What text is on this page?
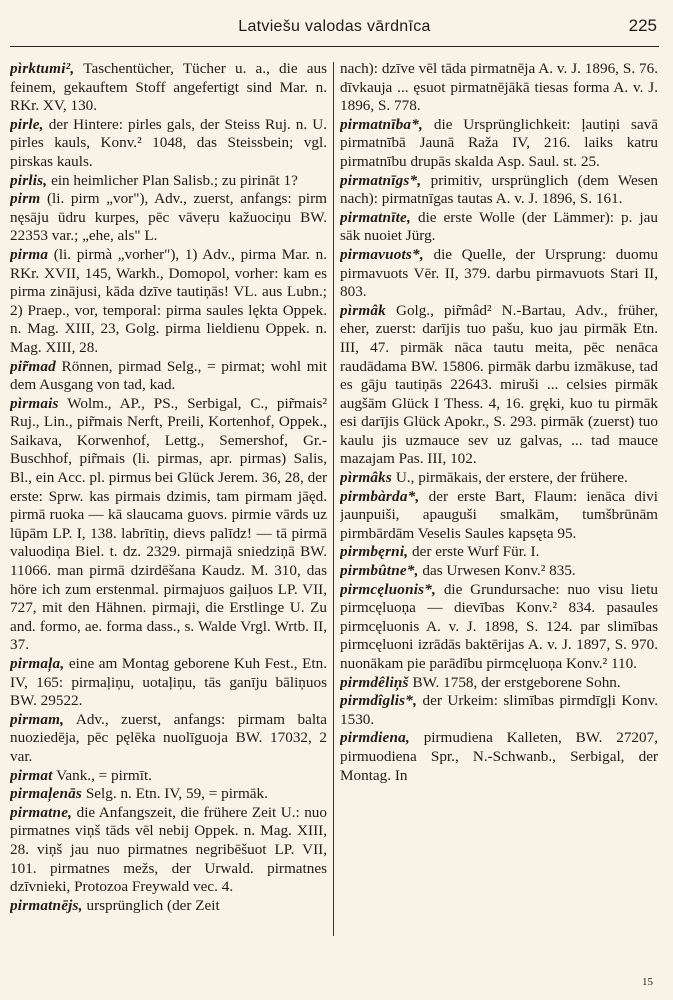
Latviešu valodas vārdnīca	225

pìrktumi², Taschentücher, Tücher u. a., die aus feinem, gekauftem Stoff angefertigt sind Mar. n. RKr. XV, 130.

pirle, der Hintere: pirles gals, der Steiss Ruj. n. U. pirles kauls, Konv.² 1048, das Steissbein; vgl. pirskas kauls.

pirlis, ein heimlicher Plan Salisb.; zu pirināt 1?

pirm (li. pirm „vor"), Adv., zuerst, anfangs: pirm nęsāju ūdru kurpes, pēc vāveŗu kažuociņu BW. 22353 var.; „ehe, als" L.

pirma (li. pirmà „vorher"), 1) Adv., pirma Mar. n. RKr. XVII, 145, Warkh., Domopol, vorher: kam es pirma zinājusi, kāda dzīve tautiņās! VL. aus Lubn.; 2) Praep., vor, temporal: pirma saules lękta Oppek. n. Mag. XIII, 23, Golg. pirma lieldienu Oppek. n. Mag. XIII, 28.

pir̃mad Rönnen, pirmad Selg., = pirmat; wohl mit dem Ausgang von tad, kad.

pìrmais Wolm., AP., PS., Serbigal, C., pir̃mais² Ruj., Lin., pir̃mais Nerft, Preili, Kortenhof, Oppek., Saikava, Korwenhof, Lettg., Semershof, Gr.-Buschhof, pir̃mais (li. pirmas, apr. pirmas) Salis, Bl., ein Acc. pl. pirmus bei Glück Jerem. 36, 28, der erste: Sprw. kas pirmais dzimis, tam pirmam jāęd. pirmā ruoka — kā slaucama guovs. pirmie vārds uz lūpām LP. I, 138. labrītiņ, dievs palīdz! — tā pirmā valuodiņa Biel. t. dz. 2329. pirmajā sniedziņā BW. 11066. man pirmā dzirdēšana Kaudz. M. 310, das höre ich zum erstenmal. pirmajuos gaiļuos LP. VII, 727, mit den Hähnen. pirmaji, die Erstlinge U. Zu and. formo, ae. forma dass., s. Walde Vrgl. Wrtb. II, 37.

pirmaļa, eine am Montag geborene Kuh Fest., Etn. IV, 165: pirmaļiņu, uotaļiņu, tās ganīju bāliņuos BW. 29522.

pirmam, Adv., zuerst, anfangs: pirmam balta nuoziedēja, pēc pęlēka nuolīguoja BW. 17032, 2 var.

pirmat Vank., = pirmīt.

pirmaļenās Selg. n. Etn. IV, 59, = pirmāk.

pirmatne, die Anfangszeit, die frühere Zeit U.: nuo pirmatnes viņš tāds vēl nebij Oppek. n. Mag. XIII, 28. viņš jau nuo pirmatnes negribēšuot LP. VII, 101. pirmatnes mežs, der Urwald. pirmatnes dzīvnieki, Protozoa Freywald vec. 4.

pirmatnējs, ursprünglich (der Zeit

nach): dzīve vēl tāda pirmatnēja A. v. J. 1896, S. 76. dīvkauja ... ęsuot pirmatnējākā tiesas forma A. v. J. 1896, S. 778.

pirmatnība*, die Ursprünglichkeit: ļautiņi savā pirmatnībā Jaunā Raža IV, 216. laiks katru pirmatnību drupās skalda Asp. Saul. st. 25.

pirmatnīgs*, primitiv, ursprünglich (dem Wesen nach): pirmatnīgas tautas A. v. J. 1896, S. 161.

pirmatnīte, die erste Wolle (der Lämmer): p. jau sāk nuoiet Jürg.

pirmavuots*, die Quelle, der Ursprung: duomu pirmavuots Vēr. II, 379. darbu pirmavuots Stari II, 803.

pìrmâk Golg., pir̃mâd² N.-Bartau, Adv., früher, eher, zuerst: darījis tuo pašu, kuo jau pirmāk Etn. III, 47. pirmāk nāca tautu meita, pēc nenāca raudādama BW. 15806. pirmāk darbu izmākuse, tad es gāju tautiņās 22643. miruši ... celsies pirmāk augšām Glück I Thess. 4, 16. gręki, kuo tu pirmāk esi darījis Glück Apokr., S. 293. pirmāk (zuerst) tuo kaulu jis uzmauce sev uz galvas, ... tad mauce mazajam Pas. III, 102.

pìrmâks U., pirmākais, der erstere, der frühere.

pirmbàrda*, der erste Bart, Flaum: ienāca divi jaunpuiši, apauguši smalkām, tumšbrūnām pirmbārdām Veselis Saules kapsęta 95.

pirmbęrni, der erste Wurf Für. I.

pirmbûtne*, das Urwesen Konv.² 835.

pirmcęluonis*, die Grundursache: nuo visu lietu pirmcęluoņa — dievības Konv.² 834. pasaules pirmcęluonis A. v. J. 1898, S. 124. par slimības pirmcęluoni izrādās baktērijas A. v. J. 1897, S. 970. nuonākam pie parādību pirmcęluoņa Konv.² 110.

pirmdêliņš BW. 1758, der erstgeborene Sohn.

pirmdîglis*, der Urkeim: slimības pirmdīgļi Konv. 1530.

pirmdiena, pirmudiena Kalleten, BW. 27207, pirmuodiena Spr., N.-Schwanb., Serbigal, der Montag. In

15
